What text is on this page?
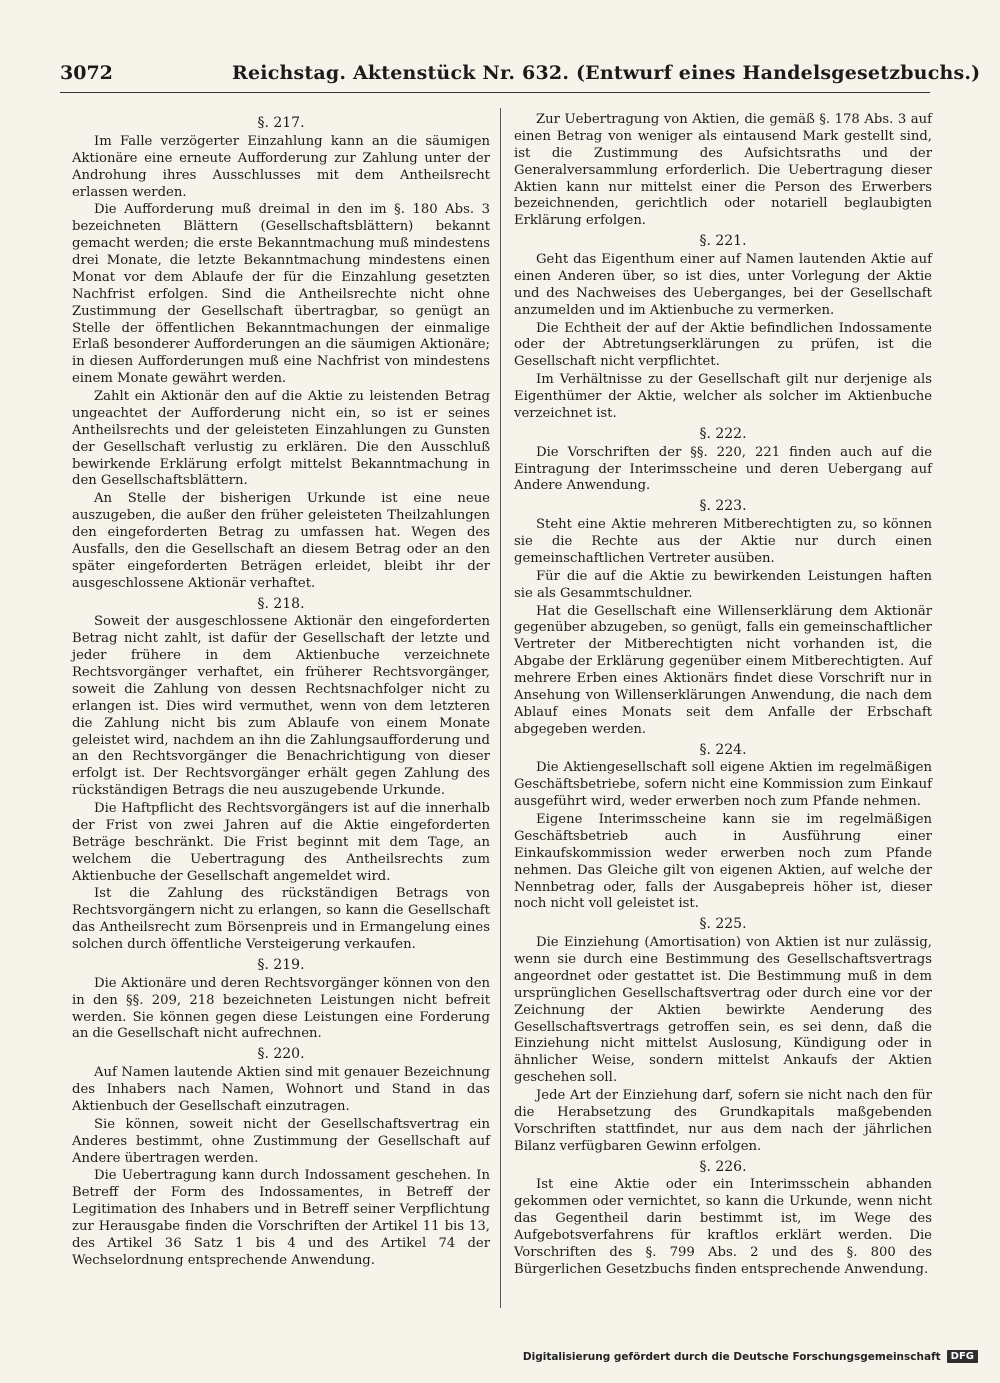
3072	Reichstag. Aktenstück Nr. 632. (Entwurf eines Handelsgesetzbuchs.)
§. 217.

Im Falle verzögerter Einzahlung kann an die säumigen Aktionäre eine erneute Aufforderung zur Zahlung unter der Androhung ihres Ausschlusses mit dem Antheilsrecht erlassen werden.

Die Aufforderung muß dreimal in den im §. 180 Abs. 3 bezeichneten Blättern (Gesellschaftsblättern) bekannt gemacht werden; die erste Bekanntmachung muß mindestens drei Monate, die letzte Bekanntmachung mindestens einen Monat vor dem Ablaufe der für die Einzahlung gesetzten Nachfrist erfolgen. Sind die Antheilsrechte nicht ohne Zustimmung der Gesellschaft übertragbar, so genügt an Stelle der öffentlichen Bekanntmachungen der einmalige Erlaß besonderer Aufforderungen an die säumigen Aktionäre; in diesen Aufforderungen muß eine Nachfrist von mindestens einem Monate gewährt werden.

Zahlt ein Aktionär den auf die Aktie zu leistenden Betrag ungeachtet der Aufforderung nicht ein, so ist er seines Antheilsrechts und der geleisteten Einzahlungen zu Gunsten der Gesellschaft verlustig zu erklären. Die den Ausschluß bewirkende Erklärung erfolgt mittelst Bekanntmachung in den Gesellschaftsblättern.

An Stelle der bisherigen Urkunde ist eine neue auszugeben, die außer den früher geleisteten Theilzahlungen den eingeforderten Betrag zu umfassen hat. Wegen des Ausfalls, den die Gesellschaft an diesem Betrag oder an den später eingeforderten Beträgen erleidet, bleibt ihr der ausgeschlossene Aktionär verhaftet.

§. 218.

Soweit der ausgeschlossene Aktionär den eingeforderten Betrag nicht zahlt, ist dafür der Gesellschaft der letzte und jeder frühere in dem Aktienbuche verzeichnete Rechtsvorgänger verhaftet, ein früherer Rechtsvorgänger, soweit die Zahlung von dessen Rechtsnachfolger nicht zu erlangen ist. Dies wird vermuthet, wenn von dem letzteren die Zahlung nicht bis zum Ablaufe von einem Monate geleistet wird, nachdem an ihn die Zahlungsaufforderung und an den Rechtsvorgänger die Benachrichtigung von dieser erfolgt ist. Der Rechtsvorgänger erhält gegen Zahlung des rückständigen Betrags die neu auszugebende Urkunde.

Die Haftpflicht des Rechtsvorgängers ist auf die innerhalb der Frist von zwei Jahren auf die Aktie eingeforderten Beträge beschränkt. Die Frist beginnt mit dem Tage, an welchem die Uebertragung des Antheilsrechts zum Aktienbuche der Gesellschaft angemeldet wird.

Ist die Zahlung des rückständigen Betrags von Rechtsvorgängern nicht zu erlangen, so kann die Gesellschaft das Antheilsrecht zum Börsenpreis und in Ermangelung eines solchen durch öffentliche Versteigerung verkaufen.

§. 219.

Die Aktionäre und deren Rechtsvorgänger können von den in den §§. 209, 218 bezeichneten Leistungen nicht befreit werden. Sie können gegen diese Leistungen eine Forderung an die Gesellschaft nicht aufrechnen.

§. 220.

Auf Namen lautende Aktien sind mit genauer Bezeichnung des Inhabers nach Namen, Wohnort und Stand in das Aktienbuch der Gesellschaft einzutragen.

Sie können, soweit nicht der Gesellschaftsvertrag ein Anderes bestimmt, ohne Zustimmung der Gesellschaft auf Andere übertragen werden.

Die Uebertragung kann durch Indossament geschehen. In Betreff der Form des Indossamentes, in Betreff der Legitimation des Inhabers und in Betreff seiner Verpflichtung zur Herausgabe finden die Vorschriften der Artikel 11 bis 13, des Artikel 36 Satz 1 bis 4 und des Artikel 74 der Wechselordnung entsprechende Anwendung.

Zur Uebertragung von Aktien, die gemäß §. 178 Abs. 3 auf einen Betrag von weniger als eintausend Mark gestellt sind, ist die Zustimmung des Aufsichtsraths und der Generalversammlung erforderlich. Die Uebertragung dieser Aktien kann nur mittelst einer die Person des Erwerbers bezeichnenden, gerichtlich oder notariell beglaubigten Erklärung erfolgen.

§. 221.

Geht das Eigenthum einer auf Namen lautenden Aktie auf einen Anderen über, so ist dies, unter Vorlegung der Aktie und des Nachweises des Ueberganges, bei der Gesellschaft anzumelden und im Aktienbuche zu vermerken.

Die Echtheit der auf der Aktie befindlichen Indossamente oder der Abtretungserklärungen zu prüfen, ist die Gesellschaft nicht verpflichtet.

Im Verhältnisse zu der Gesellschaft gilt nur derjenige als Eigenthümer der Aktie, welcher als solcher im Aktienbuche verzeichnet ist.

§. 222.

Die Vorschriften der §§. 220, 221 finden auch auf die Eintragung der Interimsscheine und deren Uebergang auf Andere Anwendung.

§. 223.

Steht eine Aktie mehreren Mitberechtigten zu, so können sie die Rechte aus der Aktie nur durch einen gemeinschaftlichen Vertreter ausüben.

Für die auf die Aktie zu bewirkenden Leistungen haften sie als Gesammtschuldner.

Hat die Gesellschaft eine Willenserklärung dem Aktionär gegenüber abzugeben, so genügt, falls ein gemeinschaftlicher Vertreter der Mitberechtigten nicht vorhanden ist, die Abgabe der Erklärung gegenüber einem Mitberechtigten. Auf mehrere Erben eines Aktionärs findet diese Vorschrift nur in Ansehung von Willenserklärungen Anwendung, die nach dem Ablauf eines Monats seit dem Anfalle der Erbschaft abgegeben werden.

§. 224.

Die Aktiengesellschaft soll eigene Aktien im regelmäßigen Geschäftsbetriebe, sofern nicht eine Kommission zum Einkauf ausgeführt wird, weder erwerben noch zum Pfande nehmen.

Eigene Interimsscheine kann sie im regelmäßigen Geschäftsbetrieb auch in Ausführung einer Einkaufskommission weder erwerben noch zum Pfande nehmen. Das Gleiche gilt von eigenen Aktien, auf welche der Nennbetrag oder, falls der Ausgabepreis höher ist, dieser noch nicht voll geleistet ist.

§. 225.

Die Einziehung (Amortisation) von Aktien ist nur zulässig, wenn sie durch eine Bestimmung des Gesellschaftsvertrags angeordnet oder gestattet ist. Die Bestimmung muß in dem ursprünglichen Gesellschaftsvertrag oder durch eine vor der Zeichnung der Aktien bewirkte Aenderung des Gesellschaftsvertrags getroffen sein, es sei denn, daß die Einziehung nicht mittelst Auslosung, Kündigung oder in ähnlicher Weise, sondern mittelst Ankaufs der Aktien geschehen soll.

Jede Art der Einziehung darf, sofern sie nicht nach den für die Herabsetzung des Grundkapitals maßgebenden Vorschriften stattfindet, nur aus dem nach der jährlichen Bilanz verfügbaren Gewinn erfolgen.

§. 226.

Ist eine Aktie oder ein Interimsschein abhanden gekommen oder vernichtet, so kann die Urkunde, wenn nicht das Gegentheil darin bestimmt ist, im Wege des Aufgebotsverfahrens für kraftlos erklärt werden. Die Vorschriften des §. 799 Abs. 2 und des §. 800 des Bürgerlichen Gesetzbuchs finden entsprechende Anwendung.

Digitalisierung gefördert durch die Deutsche Forschungsgemeinschaft	DFG
